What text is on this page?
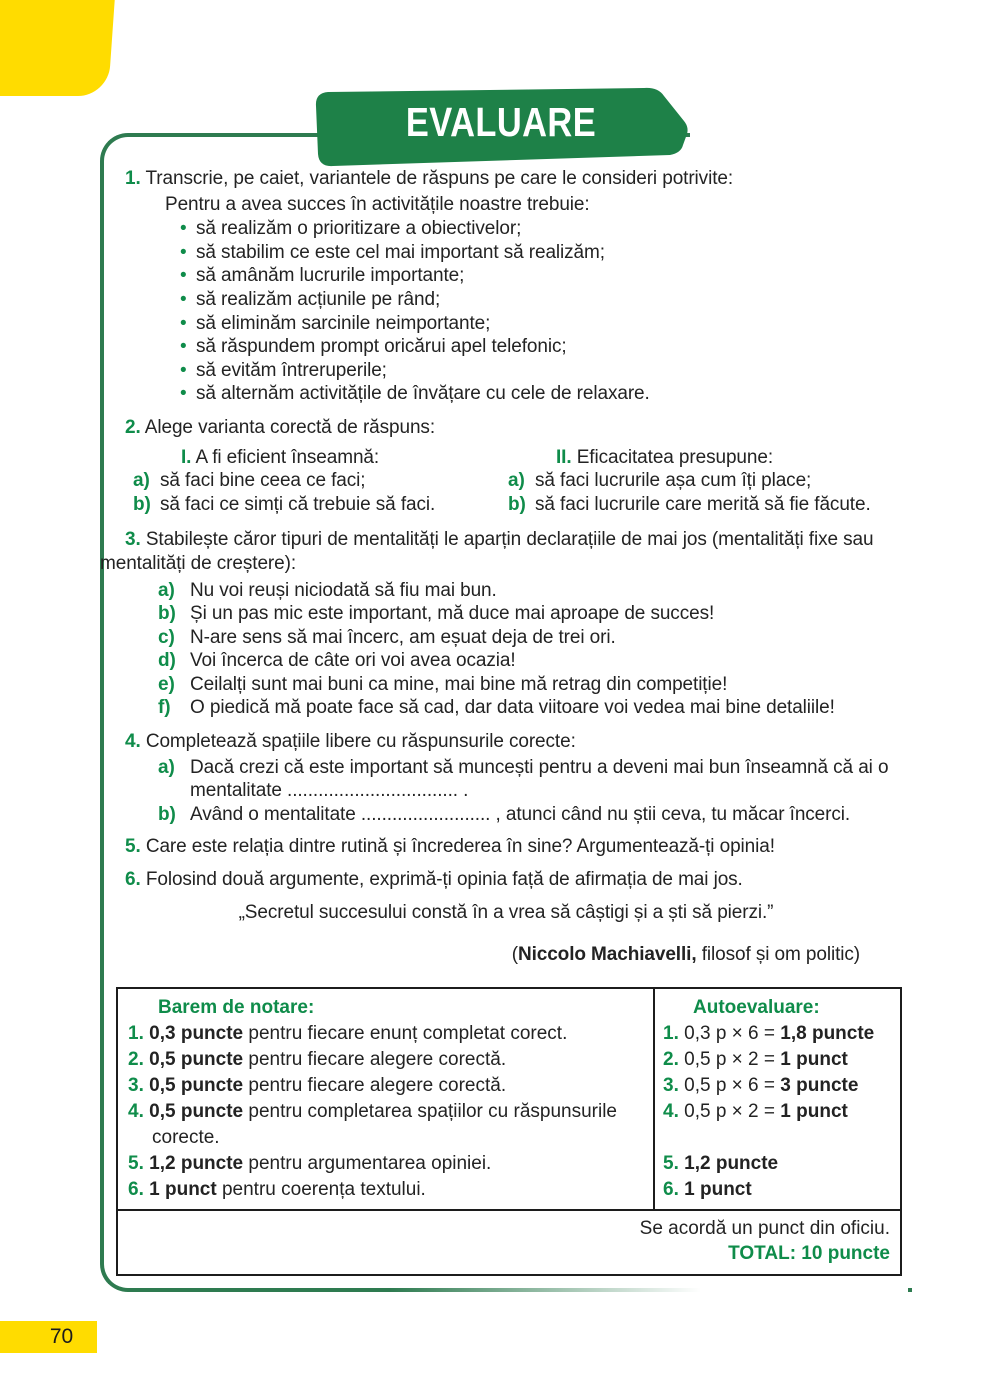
EVALUARE

1. Transcrie, pe caiet, variantele de răspuns pe care le consideri potrivite:

Pentru a avea succes în activitățile noastre trebuie:

• să realizăm o prioritizare a obiectivelor;
• să stabilim ce este cel mai important să realizăm;
• să amânăm lucrurile importante;
• să realizăm acțiunile pe rând;
• să eliminăm sarcinile neimportante;
• să răspundem prompt oricărui apel telefonic;
• să evităm întreruperile;
• să alternăm activitățile de învățare cu cele de relaxare.

2. Alege varianta corectă de răspuns:

I. A fi eficient înseamnă:
a) să faci bine ceea ce faci;
b) să faci ce simți că trebuie să faci.
II. Eficacitatea presupune:
a) să faci lucrurile așa cum îți place;
b) să faci lucrurile care merită să fie făcute.

3. Stabilește căror tipuri de mentalități le aparțin declarațiile de mai jos (mentalități fixe sau mentalități de creștere):

a) Nu voi reuși niciodată să fiu mai bun.

b) Și un pas mic este important, mă duce mai aproape de succes!

c) N-are sens să mai încerc, am eșuat deja de trei ori.

d) Voi încerca de câte ori voi avea ocazia!

e) Ceilalți sunt mai buni ca mine, mai bine mă retrag din competiție!

f) O piedică mă poate face să cad, dar data viitoare voi vedea mai bine detaliile!

4. Completează spațiile libere cu răspunsurile corecte:

a) Dacă crezi că este important să muncești pentru a deveni mai bun înseamnă că ai o mentalitate ................................. .

b) Având o mentalitate ......................... , atunci când nu știi ceva, tu măcar încerci.

5. Care este relația dintre rutină și încrederea în sine? Argumentează-ți opinia!

6. Folosind două argumente, exprimă-ți opinia față de afirmația de mai jos.

„Secretul succesului constă în a vrea să câștigi și a ști să pierzi.”

(Niccolo Machiavelli, filosof și om politic)

Barem de notare:
1. 0,3 puncte pentru fiecare enunț completat corect.
2. 0,5 puncte pentru fiecare alegere corectă.
3. 0,5 puncte pentru fiecare alegere corectă.
4. 0,5 puncte pentru completarea spațiilor cu răspunsurile corecte.
5. 1,2 puncte pentru argumentarea opiniei.
6. 1 punct pentru coerența textului.
Autoevaluare:
1. 0,3 p × 6 = 1,8 puncte
2. 0,5 p × 2 = 1 punct
3. 0,5 p × 6 = 3 puncte
4. 0,5 p × 2 = 1 punct
5. 1,2 puncte
6. 1 punct
Se acordă un punct din oficiu.
TOTAL: 10 puncte
70
